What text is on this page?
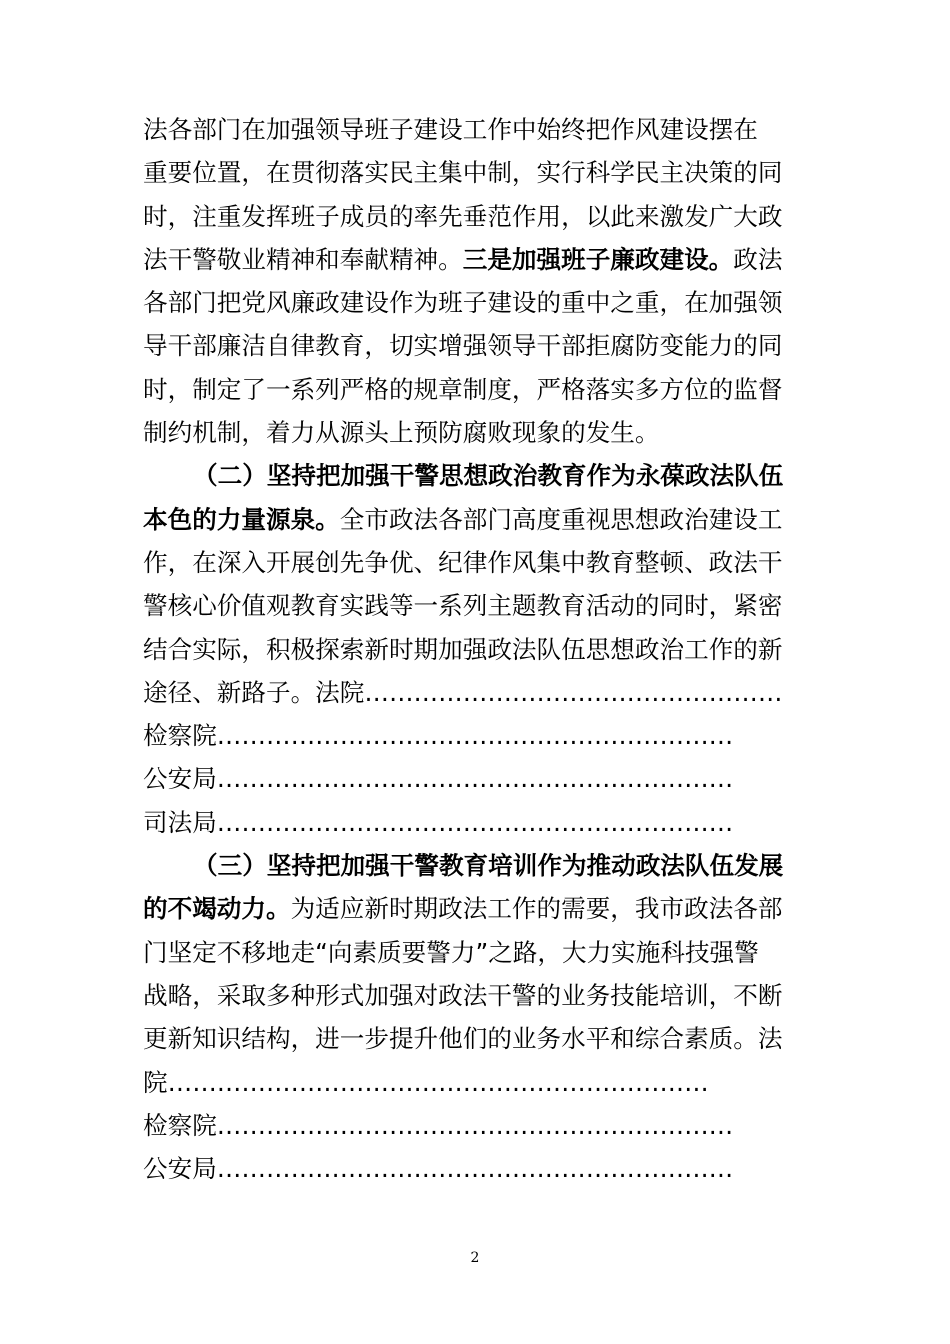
法各部门在加强领导班子建设工作中始终把作风建设摆在
重要位置，在贯彻落实民主集中制，实行科学民主决策的同
时，注重发挥班子成员的率先垂范作用，以此来激发广大政
法干警敬业精神和奉献精神。三是加强班子廉政建设。政法
各部门把党风廉政建设作为班子建设的重中之重，在加强领
导干部廉洁自律教育，切实增强领导干部拒腐防变能力的同
时，制定了一系列严格的规章制度，严格落实多方位的监督
制约机制，着力从源头上预防腐败现象的发生。
（二）坚持把加强干警思想政治教育作为永葆政法队伍
本色的力量源泉。全市政法各部门高度重视思想政治建设工
作，在深入开展创先争优、纪律作风集中教育整顿、政法干
警核心价值观教育实践等一系列主题教育活动的同时，紧密
结合实际，积极探索新时期加强政法队伍思想政治工作的新
途径、新路子。法院……………………………………………
检察院………………………………………………………
公安局………………………………………………………
司法局………………………………………………………
（三）坚持把加强干警教育培训作为推动政法队伍发展
的不竭动力。为适应新时期政法工作的需要，我市政法各部
门坚定不移地走“向素质要警力”之路，大力实施科技强警
战略，采取多种形式加强对政法干警的业务技能培训，不断
更新知识结构，进一步提升他们的业务水平和综合素质。法
院…………………………………………………………
检察院………………………………………………………
公安局………………………………………………………
2
